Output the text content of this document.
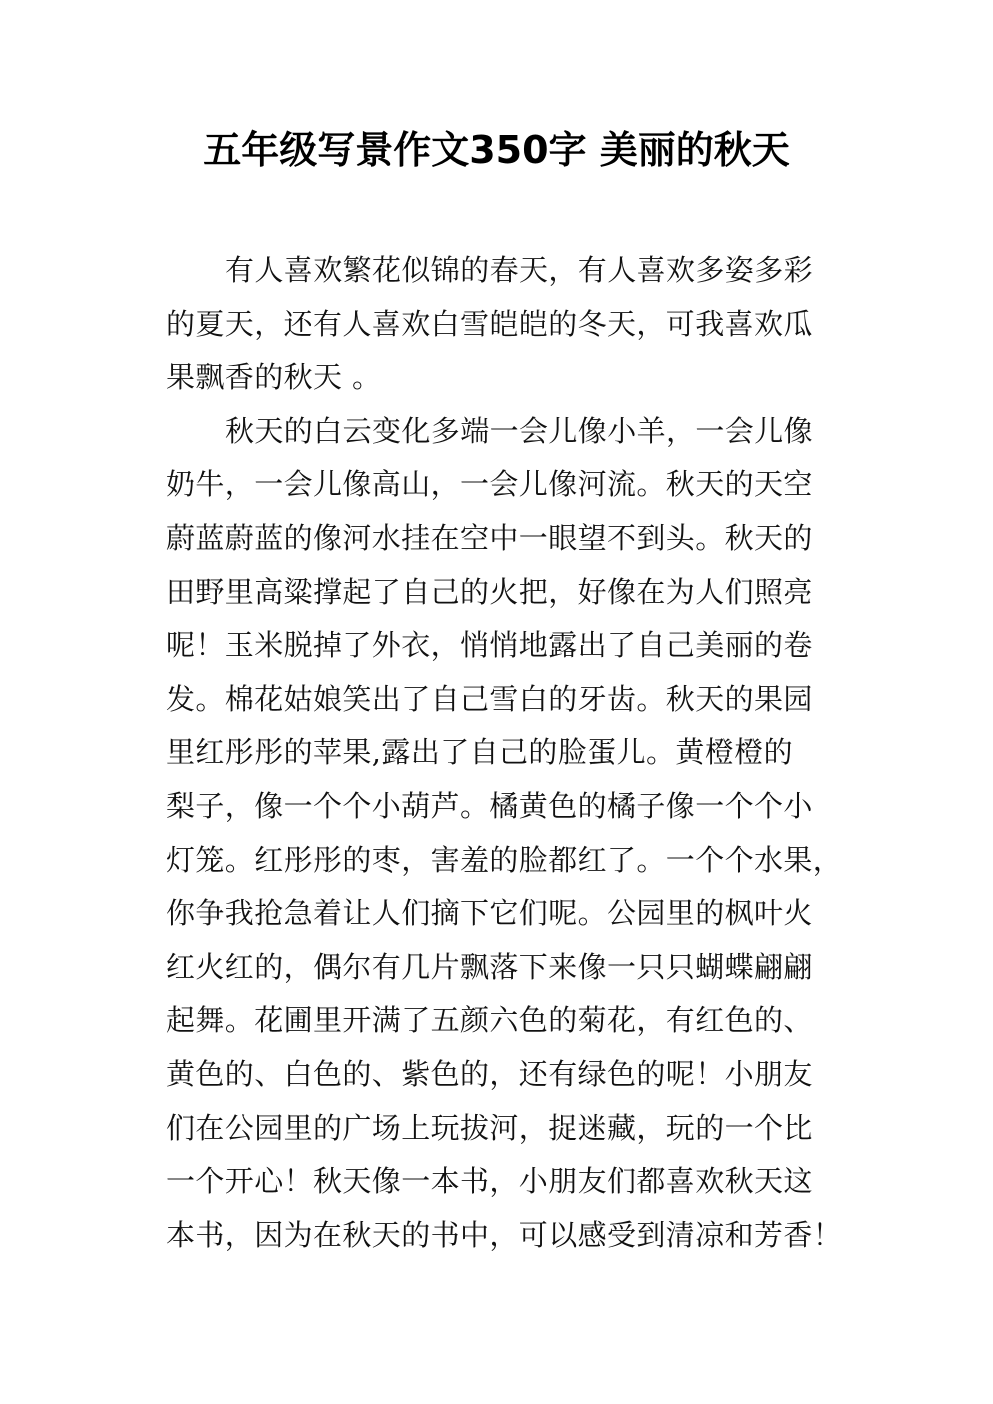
五年级写景作文350字 美丽的秋天
有人喜欢繁花似锦的春天，有人喜欢多姿多彩
的夏天，还有人喜欢白雪皑皑的冬天，可我喜欢瓜
果飘香的秋天 。
秋天的白云变化多端一会儿像小羊，一会儿像
奶牛，一会儿像高山，一会儿像河流。秋天的天空
蔚蓝蔚蓝的像河水挂在空中一眼望不到头。秋天的
田野里高粱撑起了自己的火把，好像在为人们照亮
呢！玉米脱掉了外衣，悄悄地露出了自己美丽的卷
发。棉花姑娘笑出了自己雪白的牙齿。秋天的果园
里红彤彤的苹果,露出了自己的脸蛋儿。黄橙橙的
梨子，像一个个小葫芦。橘黄色的橘子像一个个小
灯笼。红彤彤的枣，害羞的脸都红了。一个个水果，
你争我抢急着让人们摘下它们呢。公园里的枫叶火
红火红的，偶尔有几片飘落下来像一只只蝴蝶翩翩
起舞。花圃里开满了五颜六色的菊花，有红色的、
黄色的、白色的、紫色的，还有绿色的呢！小朋友
们在公园里的广场上玩拔河，捉迷藏，玩的一个比
一个开心！秋天像一本书，小朋友们都喜欢秋天这
本书，因为在秋天的书中，可以感受到清凉和芳香！
